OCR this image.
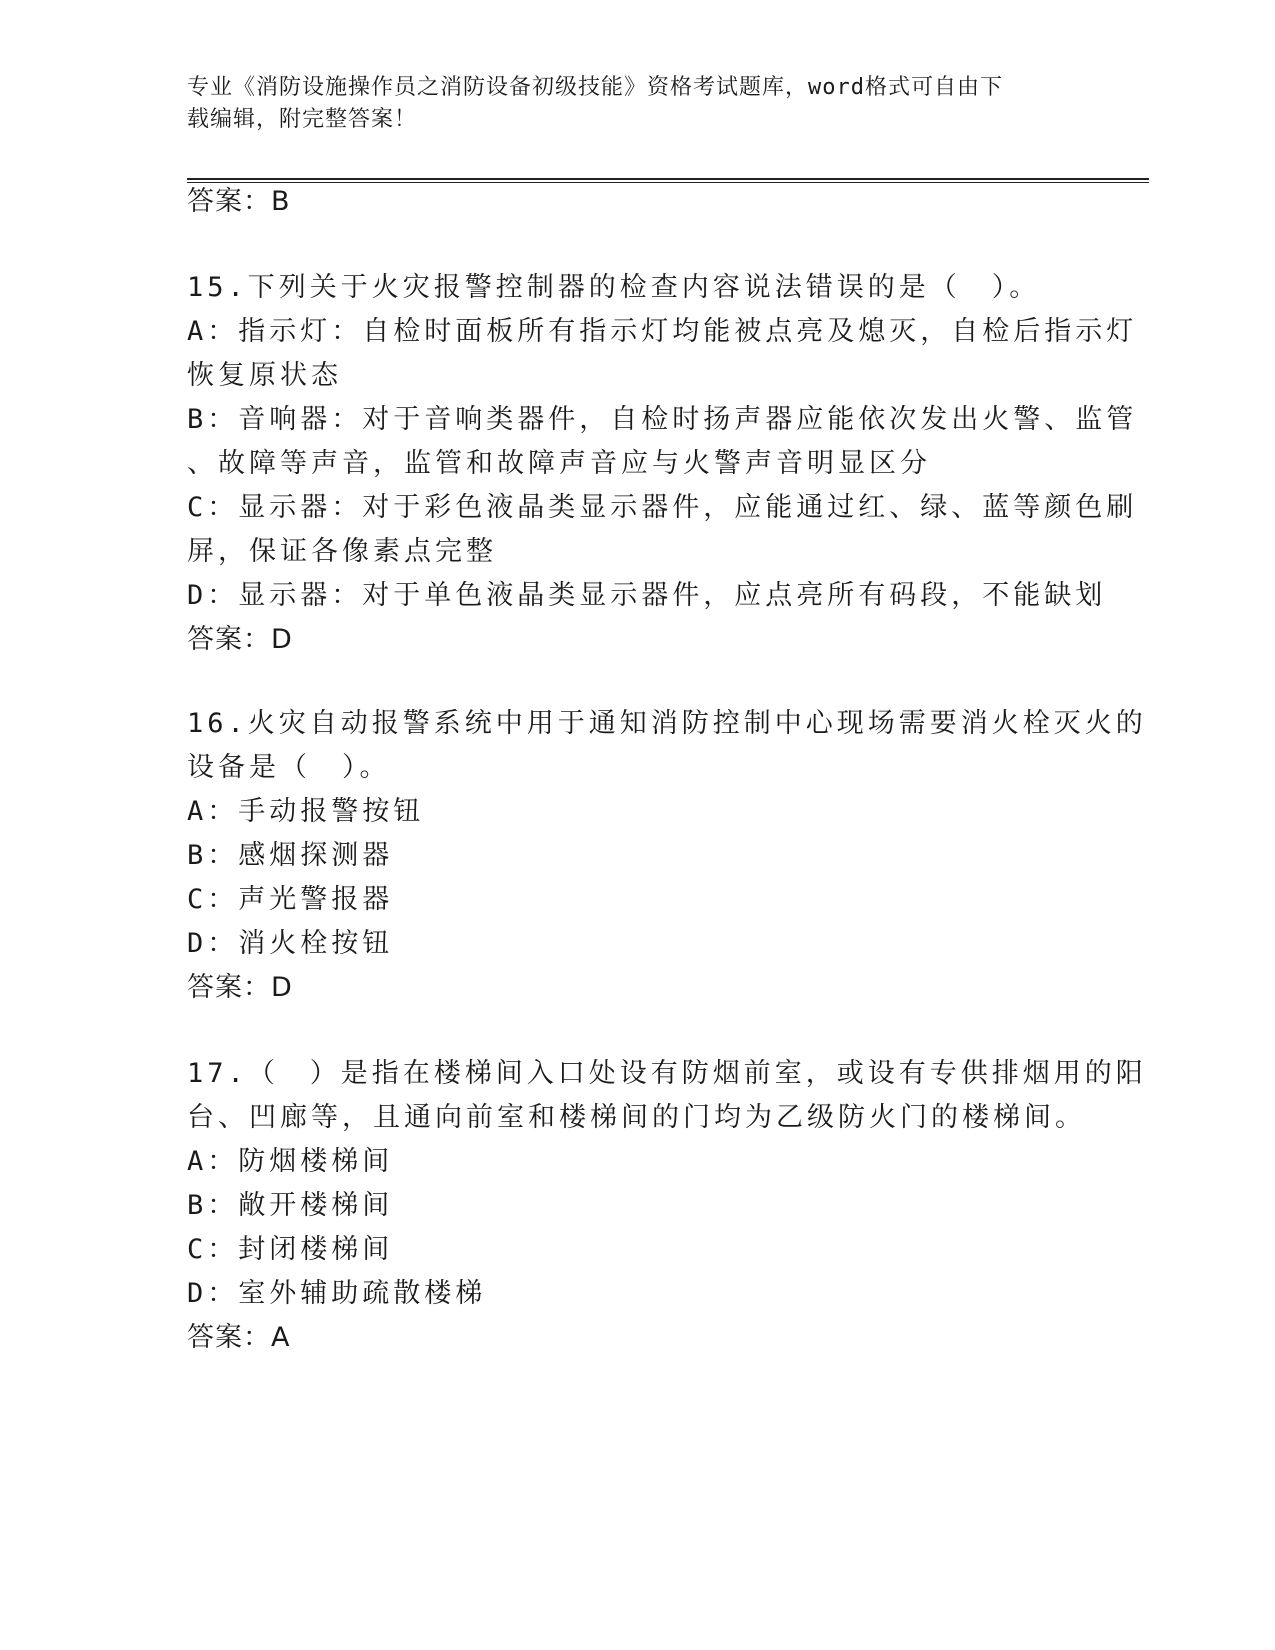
专业《消防设施操作员之消防设备初级技能》资格考试题库，word格式可自由下
载编辑，附完整答案！
答案：B
15.下列关于火灾报警控制器的检查内容说法错误的是（　）。
A：指示灯：自检时面板所有指示灯均能被点亮及熄灭，自检后指示灯
恢复原状态
B：音响器：对于音响类器件，自检时扬声器应能依次发出火警、监管
、故障等声音，监管和故障声音应与火警声音明显区分
C：显示器：对于彩色液晶类显示器件，应能通过红、绿、蓝等颜色刷
屏，保证各像素点完整
D：显示器：对于单色液晶类显示器件，应点亮所有码段，不能缺划
答案：D
16.火灾自动报警系统中用于通知消防控制中心现场需要消火栓灭火的
设备是（　）。
A：手动报警按钮
B：感烟探测器
C：声光警报器
D：消火栓按钮
答案：D
17.（　）是指在楼梯间入口处设有防烟前室，或设有专供排烟用的阳
台、凹廊等，且通向前室和楼梯间的门均为乙级防火门的楼梯间。
A：防烟楼梯间
B：敞开楼梯间
C：封闭楼梯间
D：室外辅助疏散楼梯
答案：A
